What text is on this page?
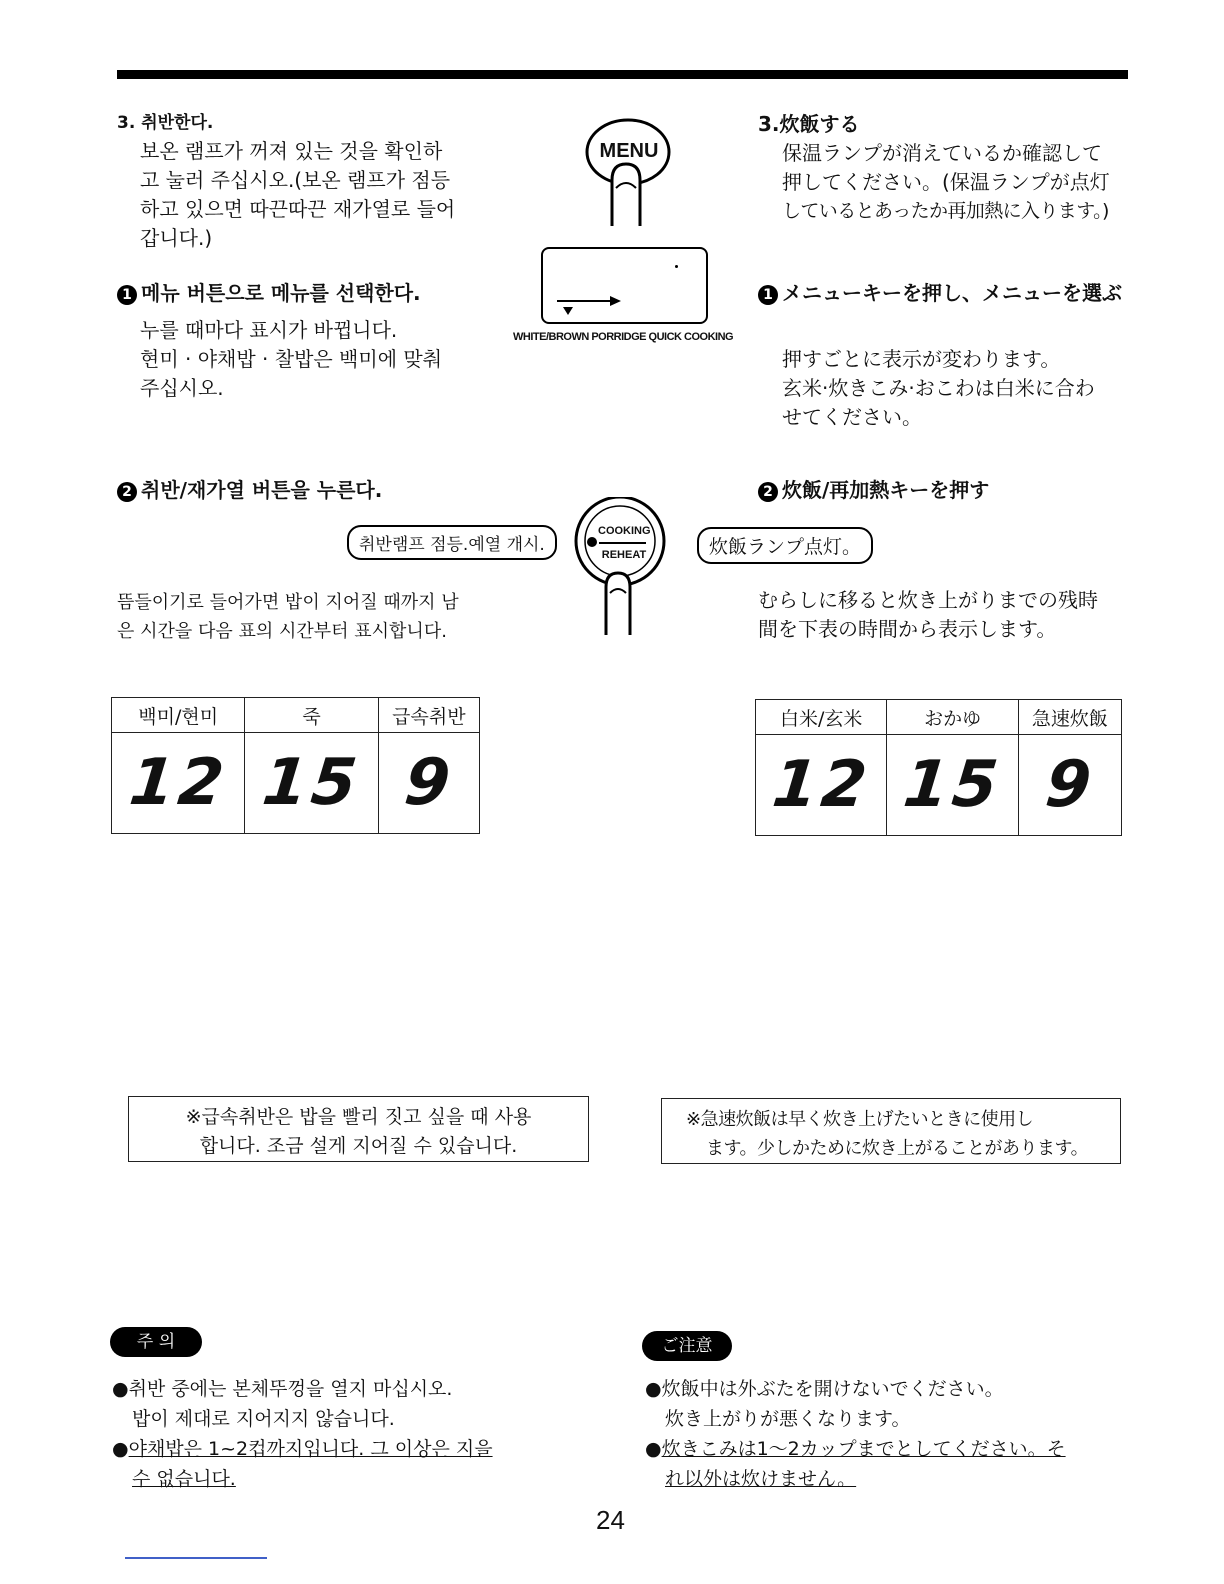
3. 취반한다.
보온 램프가 꺼져 있는 것을 확인하
고 눌러 주십시오.(보온 램프가 점등
하고 있으면 따끈따끈 재가열로 들어
갑니다.)
1 메뉴 버튼으로 메뉴를 선택한다.
누를 때마다 표시가 바뀝니다.
현미 · 야채밥 · 찰밥은 백미에 맞춰
주십시오.
2 취반/재가열 버튼을 누른다.
취반램프 점등.예열 개시.
뜸들이기로 들어가면 밥이 지어질 때까지 남
은 시간을 다음 표의 시간부터 표시합니다.
백미/현미	죽	급속취반
12	15	9
※급속취반은 밥을 빨리 짓고 싶을 때 사용
합니다. 조금 설게 지어질 수 있습니다.
주 의
●취반 중에는 본체뚜껑을 열지 마십시오.
밥이 제대로 지어지지 않습니다.
●야채밥은 1~2컵까지입니다. 그 이상은 지을
수 없습니다.
MENU
WHITE/BROWN PORRIDGE QUICK COOKING
COOKING
REHEAT
3.炊飯する
保温ランプが消えているか確認して
押してください。(保温ランプが点灯
しているとあったか再加熱に入ります。)
1 メニューキーを押し、メニューを選ぶ
押すごとに表示が変わります。
玄米·炊きこみ·おこわは白米に合わ
せてください。
2 炊飯/再加熱キーを押す
炊飯ランプ点灯。
むらしに移ると炊き上がりまでの残時
間を下表の時間から表示します。
白米/玄米	おかゆ	急速炊飯
12	15	9
※急速炊飯は早く炊き上げたいときに使用し
ます。少しかために炊き上がることがあります。
ご注意
●炊飯中は外ぶたを開けないでください。
炊き上がりが悪くなります。
●炊きこみは1～2カップまでとしてください。そ
れ以外は炊けません。
24
